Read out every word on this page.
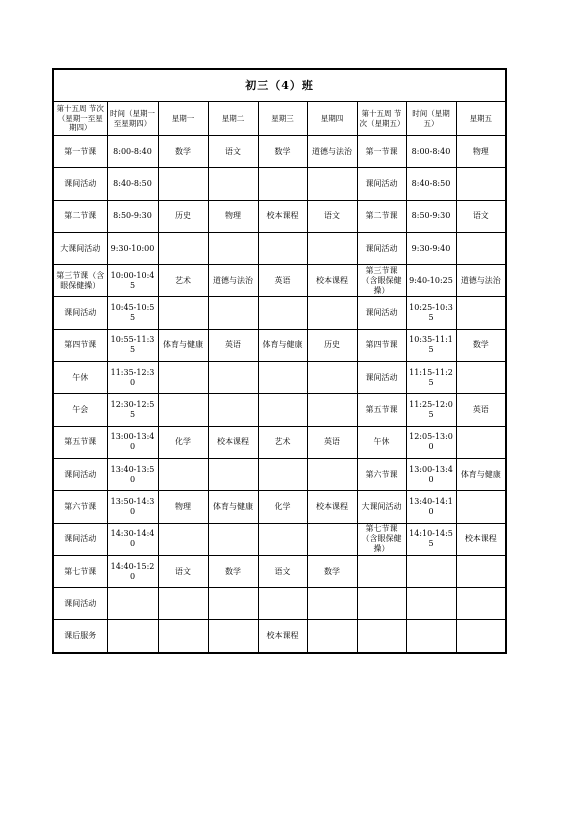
初三（4）班								
第十五周 节次（星期一至星期四）	时间（星期一至星期四）	星期一	星期二	星期三	星期四	第十五周 节次（星期五）	时间（星期五）	星期五
第一节课	8:00-8:40	数学	语文	数学	道德与法治	第一节课	8:00-8:40	物理
课间活动	8:40-8:50					课间活动	8:40-8:50	
第二节课	8:50-9:30	历史	物理	校本课程	语文	第二节课	8:50-9:30	语文
大课间活动	9:30-10:00					课间活动	9:30-9:40	
第三节课（含眼保健操）	10:00-10:45	艺术	道德与法治	英语	校本课程	第三节课（含眼保健操）	9:40-10:25	道德与法治
课间活动	10:45-10:55					课间活动	10:25-10:35	
第四节课	10:55-11:35	体育与健康	英语	体育与健康	历史	第四节课	10:35-11:15	数学
午休	11:35-12:30					课间活动	11:15-11:25	
午会	12:30-12:55					第五节课	11:25-12:05	英语
第五节课	13:00-13:40	化学	校本课程	艺术	英语	午休	12:05-13:00	
课间活动	13:40-13:50					第六节课	13:00-13:40	体育与健康
第六节课	13:50-14:30	物理	体育与健康	化学	校本课程	大课间活动	13:40-14:10	
课间活动	14:30-14:40					第七节课（含眼保健操）	14:10-14:55	校本课程
第七节课	14:40-15:20	语文	数学	语文	数学			
课间活动								
课后服务				校本课程				
